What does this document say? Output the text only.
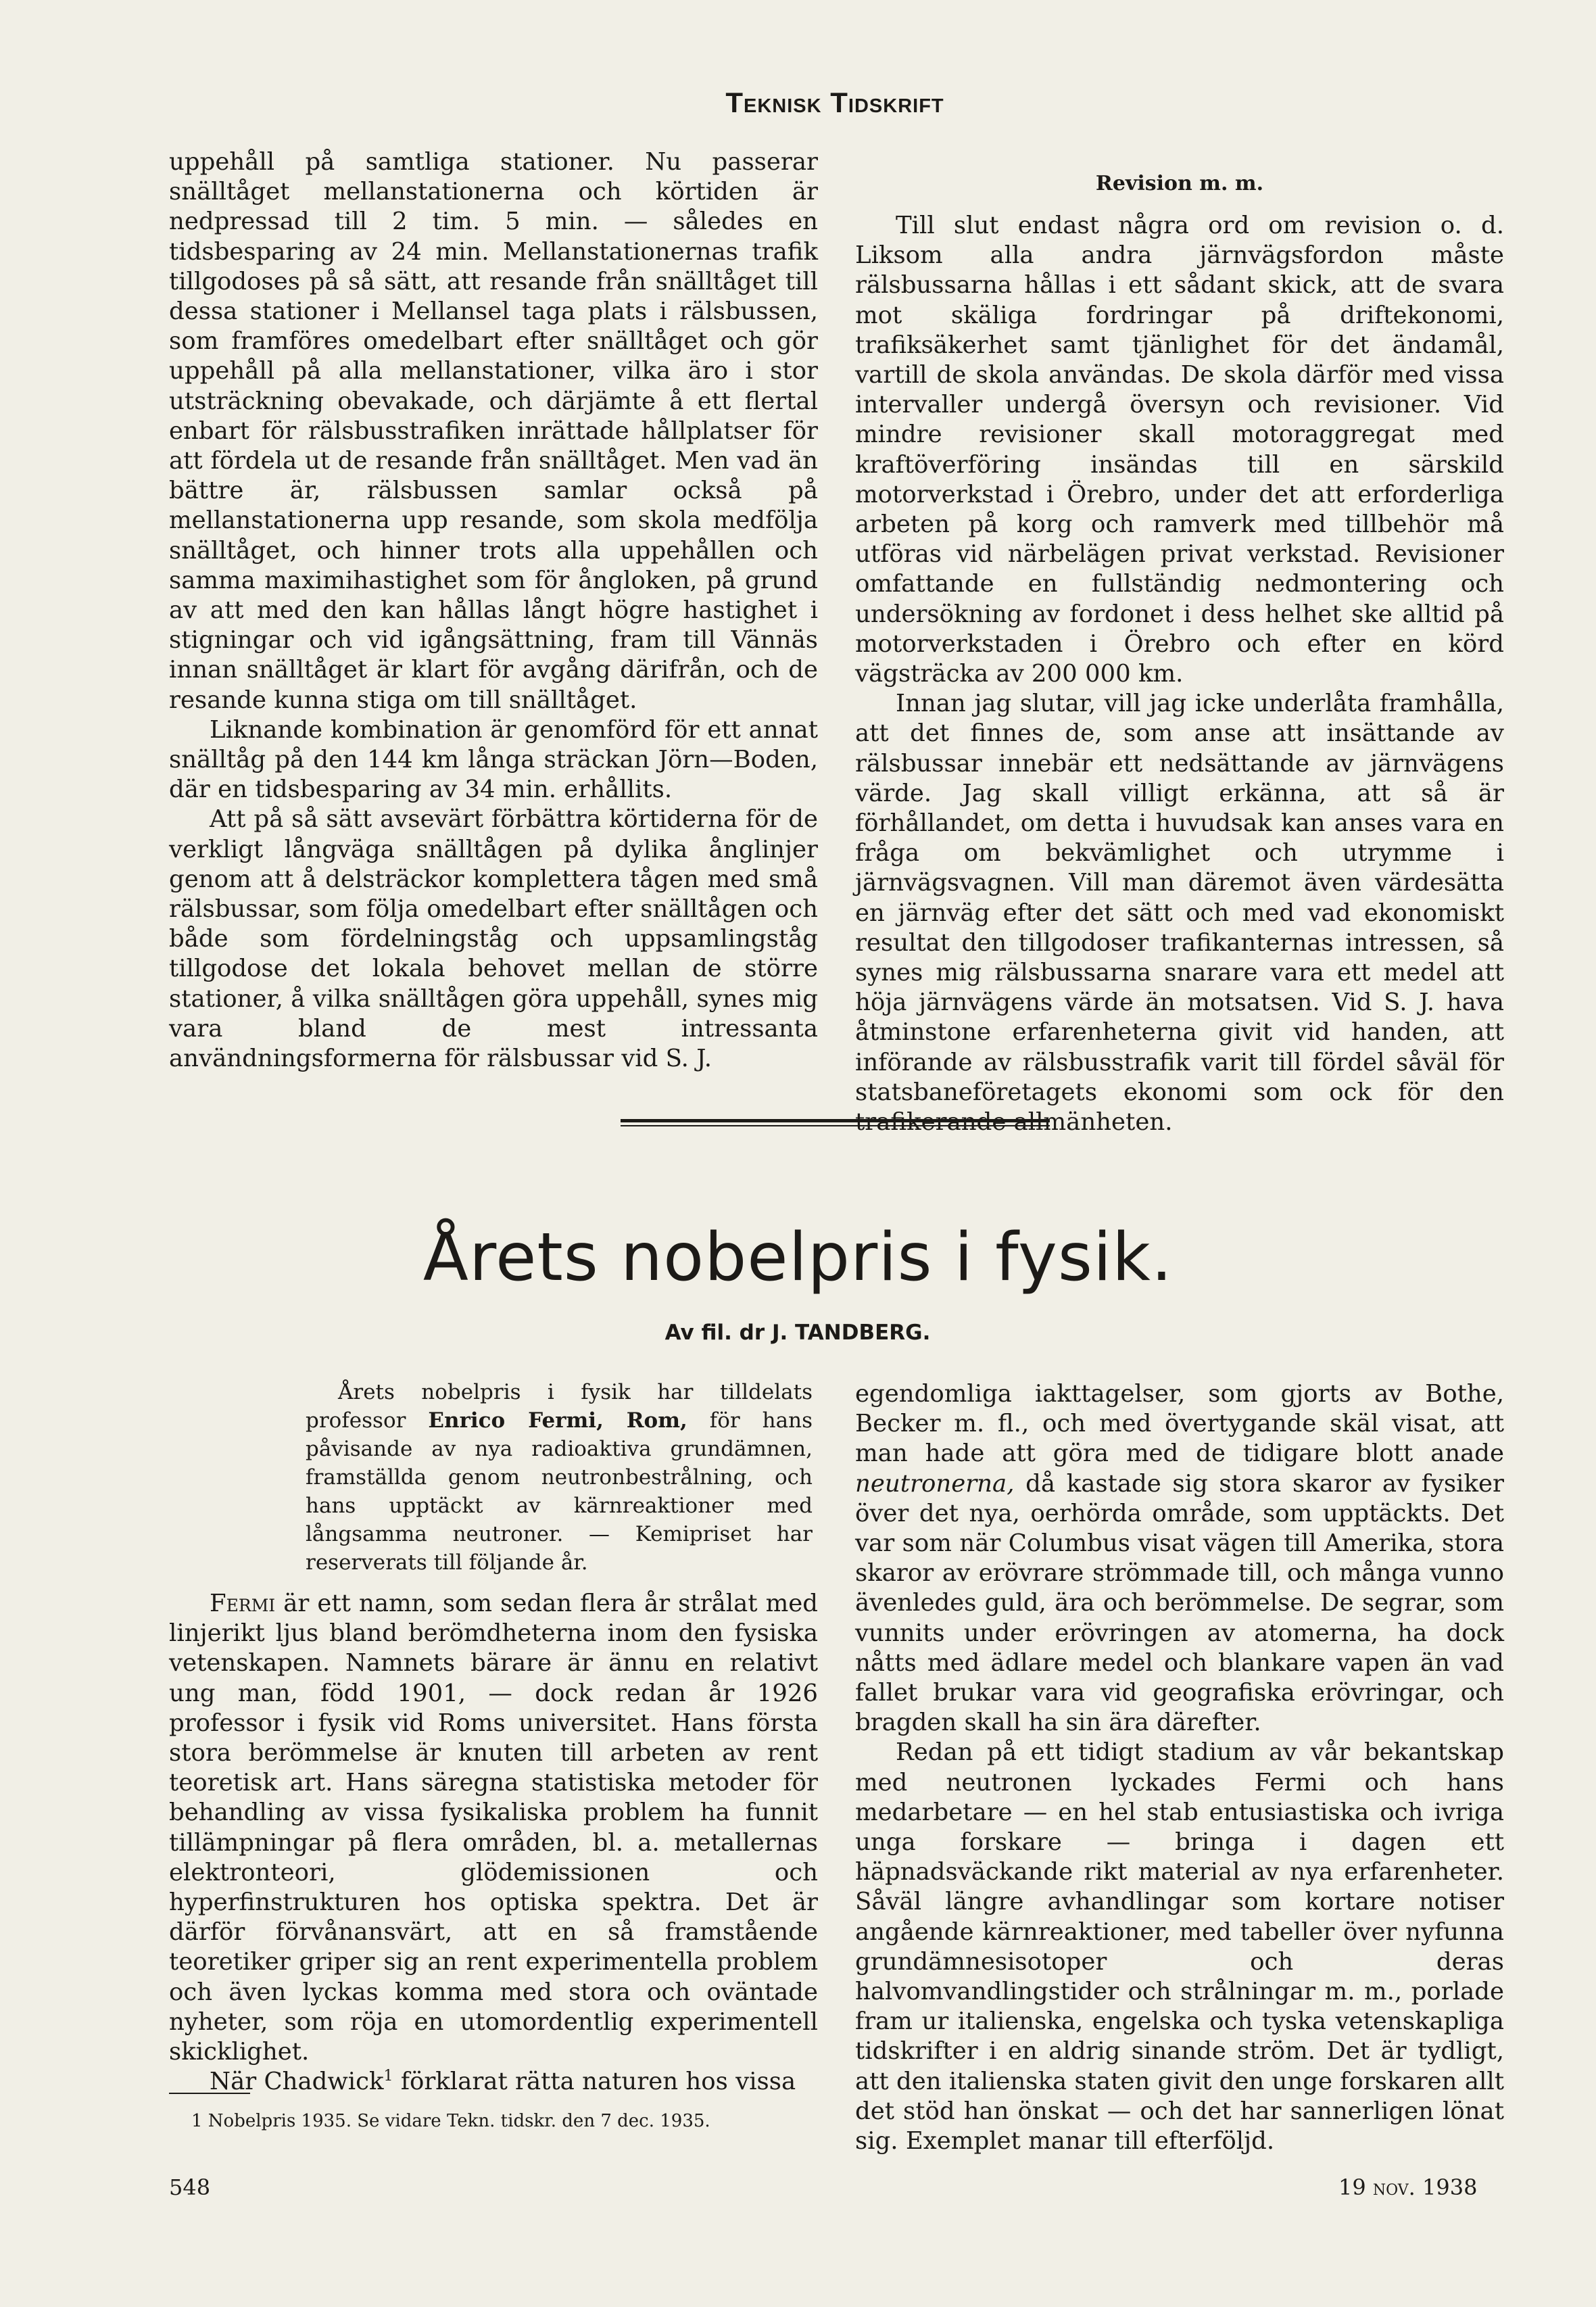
Teknisk Tidskrift

uppehåll på samtliga stationer. Nu passerar snälltåget mellanstationerna och körtiden är nedpressad till 2 tim. 5 min. — således en tidsbesparing av 24 min. Mellanstationernas trafik tillgodoses på så sätt, att resande från snälltåget till dessa stationer i Mellansel taga plats i rälsbussen, som framföres omedelbart efter snälltåget och gör uppehåll på alla mellanstationer, vilka äro i stor utsträckning obevakade, och därjämte å ett flertal enbart för rälsbusstrafiken inrättade hållplatser för att fördela ut de resande från snälltåget. Men vad än bättre är, rälsbussen samlar också på mellanstationerna upp resande, som skola medfölja snälltåget, och hinner trots alla uppehållen och samma maximihastighet som för ångloken, på grund av att med den kan hållas långt högre hastighet i stigningar och vid igångsättning, fram till Vännäs innan snälltåget är klart för avgång därifrån, och de resande kunna stiga om till snälltåget.

Liknande kombination är genomförd för ett annat snälltåg på den 144 km långa sträckan Jörn—Boden, där en tidsbesparing av 34 min. erhållits.

Att på så sätt avsevärt förbättra körtiderna för de verkligt långväga snälltågen på dylika ånglinjer genom att å delsträckor komplettera tågen med små rälsbussar, som följa omedelbart efter snälltågen och både som fördelningståg och uppsamlingståg tillgodose det lokala behovet mellan de större stationer, å vilka snälltågen göra uppehåll, synes mig vara bland de mest intressanta användningsformerna för rälsbussar vid S. J.

Revision m. m.

Till slut endast några ord om revision o. d. Liksom alla andra järnvägsfordon måste rälsbussarna hållas i ett sådant skick, att de svara mot skäliga fordringar på driftekonomi, trafiksäkerhet samt tjänlighet för det ändamål, vartill de skola användas. De skola därför med vissa intervaller undergå översyn och revisioner. Vid mindre revisioner skall motoraggregat med kraftöverföring insändas till en särskild motorverkstad i Örebro, under det att erforderliga arbeten på korg och ramverk med tillbehör må utföras vid närbelägen privat verkstad. Revisioner omfattande en fullständig nedmontering och undersökning av fordonet i dess helhet ske alltid på motorverkstaden i Örebro och efter en körd vägsträcka av 200 000 km.

Innan jag slutar, vill jag icke underlåta framhålla, att det finnes de, som anse att insättande av rälsbussar innebär ett nedsättande av järnvägens värde. Jag skall villigt erkänna, att så är förhållandet, om detta i huvudsak kan anses vara en fråga om bekvämlighet och utrymme i järnvägsvagnen. Vill man däremot även värdesätta en järnväg efter det sätt och med vad ekonomiskt resultat den tillgodoser trafikanternas intressen, så synes mig rälsbussarna snarare vara ett medel att höja järnvägens värde än motsatsen. Vid S. J. hava åtminstone erfarenheterna givit vid handen, att införande av rälsbusstrafik varit till fördel såväl för statsbaneföretagets ekonomi som ock för den trafikerande allmänheten.

Årets nobelpris i fysik.
Av fil. dr J. TANDBERG.

Årets nobelpris i fysik har tilldelats professor Enrico Fermi, Rom, för hans påvisande av nya radioaktiva grundämnen, framställda genom neutronbestrålning, och hans upptäckt av kärnreaktioner med långsamma neutroner. — Kemipriset har reserverats till följande år.

Fermi är ett namn, som sedan flera år strålat med linjerikt ljus bland berömdheterna inom den fysiska vetenskapen. Namnets bärare är ännu en relativt ung man, född 1901, — dock redan år 1926 professor i fysik vid Roms universitet. Hans första stora berömmelse är knuten till arbeten av rent teoretisk art. Hans säregna statistiska metoder för behandling av vissa fysikaliska problem ha funnit tillämpningar på flera områden, bl. a. metallernas elektronteori, glödemissionen och hyperfinstrukturen hos optiska spektra. Det är därför förvånansvärt, att en så framstående teoretiker griper sig an rent experimentella problem och även lyckas komma med stora och oväntade nyheter, som röja en utomordentlig experimentell skicklighet.

När Chadwick$^1$ förklarat rätta naturen hos vissa

egendomliga iakttagelser, som gjorts av Bothe, Becker m. fl., och med övertygande skäl visat, att man hade att göra med de tidigare blott anade neutronerna, då kastade sig stora skaror av fysiker över det nya, oerhörda område, som upptäckts. Det var som när Columbus visat vägen till Amerika, stora skaror av erövrare strömmade till, och många vunno ävenledes guld, ära och berömmelse. De segrar, som vunnits under erövringen av atomerna, ha dock nåtts med ädlare medel och blankare vapen än vad fallet brukar vara vid geografiska erövringar, och bragden skall ha sin ära därefter.

Redan på ett tidigt stadium av vår bekantskap med neutronen lyckades Fermi och hans medarbetare — en hel stab entusiastiska och ivriga unga forskare — bringa i dagen ett häpnadsväckande rikt material av nya erfarenheter. Såväl längre avhandlingar som kortare notiser angående kärnreaktioner, med tabeller över nyfunna grundämnesisotoper och deras halvomvandlingstider och strålningar m. m., porlade fram ur italienska, engelska och tyska vetenskapliga tidskrifter i en aldrig sinande ström. Det är tydligt, att den italienska staten givit den unge forskaren allt det stöd han önskat — och det har sannerligen lönat sig. Exemplet manar till efterföljd.

1 Nobelpris 1935. Se vidare Tekn. tidskr. den 7 dec. 1935.
548	19 nov. 1938
